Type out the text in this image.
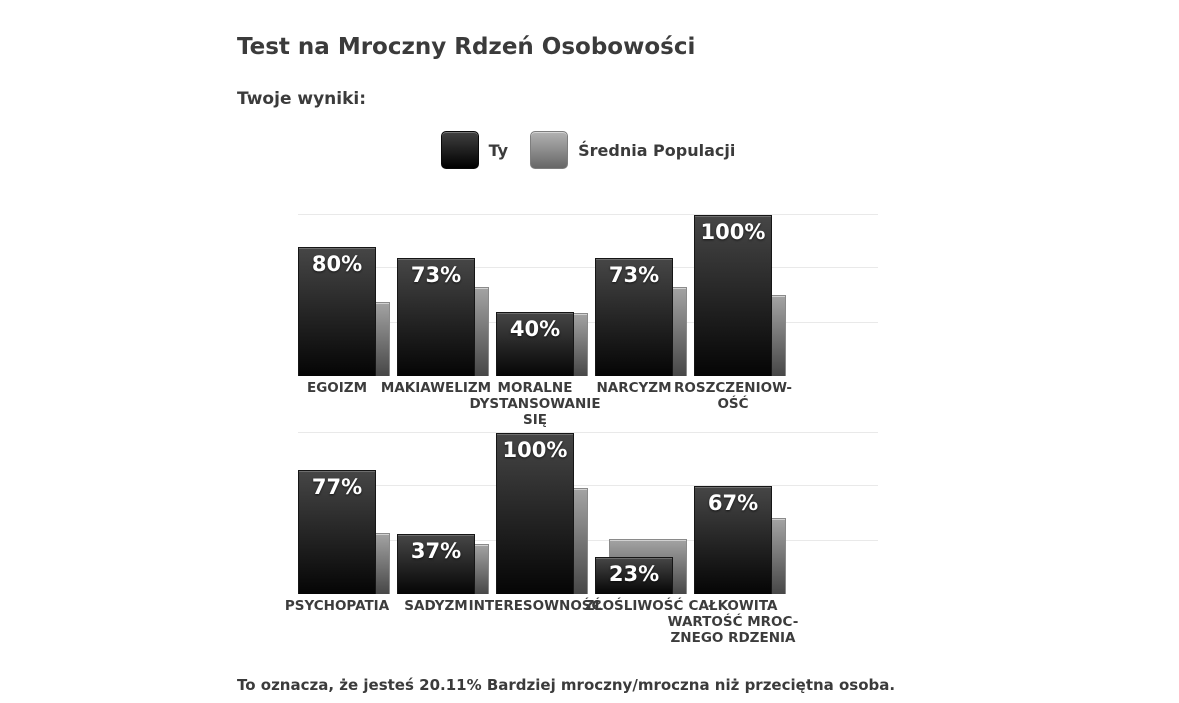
Test na Mroczny Rdzeń Osobowości
Twoje wyniki:
Ty	Średnia Populacji
80%	73%
40%
73%
100%
EGOIZM	MAKIAWELIZM MORALNE
DYSTANSOWANIE
SIĘ
NARCYZM ROSZCZENIOW-
OŚĆ
77%
37%
100%
23%
67%
PSYCHOPATIA	SADYZM INTERESOWNOŚĆ
ZŁOŚLIWOŚĆ CAŁKOWITA
WARTOŚĆ MROC-
ZNEGO RDZENIA
To oznacza, że jesteś 20.11% Bardziej mroczny/mroczna niż przeciętna osoba.
